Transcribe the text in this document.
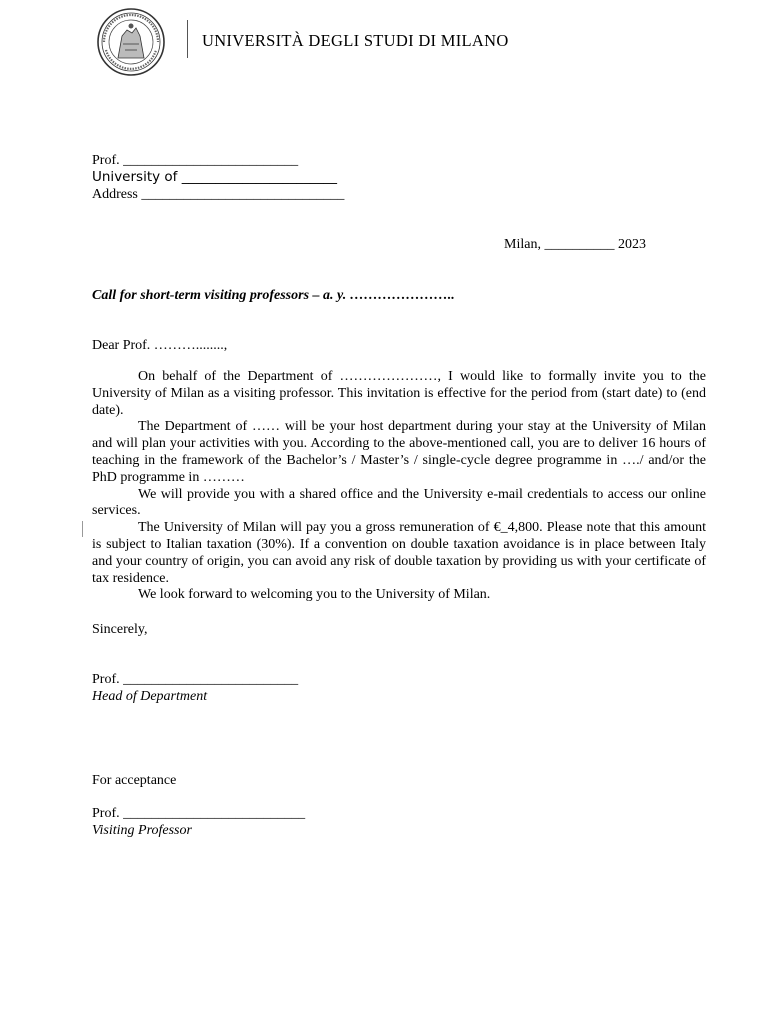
UNIVERSITÀ DEGLI STUDI DI MILANO
Prof. _________________________
University of _______________________
Address _____________________________
Milan, __________ 2023
Call for short-term visiting professors – a. y. …………………..
Dear Prof. ………........,

On behalf of the Department of …………………, I would like to formally invite you to the University of Milan as a visiting professor. This invitation is effective for the period from (start date) to (end date).

The Department of …… will be your host department during your stay at the University of Milan and will plan your activities with you. According to the above-mentioned call, you are to deliver 16 hours of teaching in the framework of the Bachelor’s / Master’s / single-cycle degree programme in …./ and/or the PhD programme in ………

We will provide you with a shared office and the University e-mail credentials to access our online services.

The University of Milan will pay you a gross remuneration of €_4,800. Please note that this amount is subject to Italian taxation (30%). If a convention on double taxation avoidance is in place between Italy and your country of origin, you can avoid any risk of double taxation by providing us with your certificate of tax residence.

We look forward to welcoming you to the University of Milan.

Sincerely,
Prof. _________________________
Head of Department
For acceptance
Prof. __________________________
Visiting Professor
